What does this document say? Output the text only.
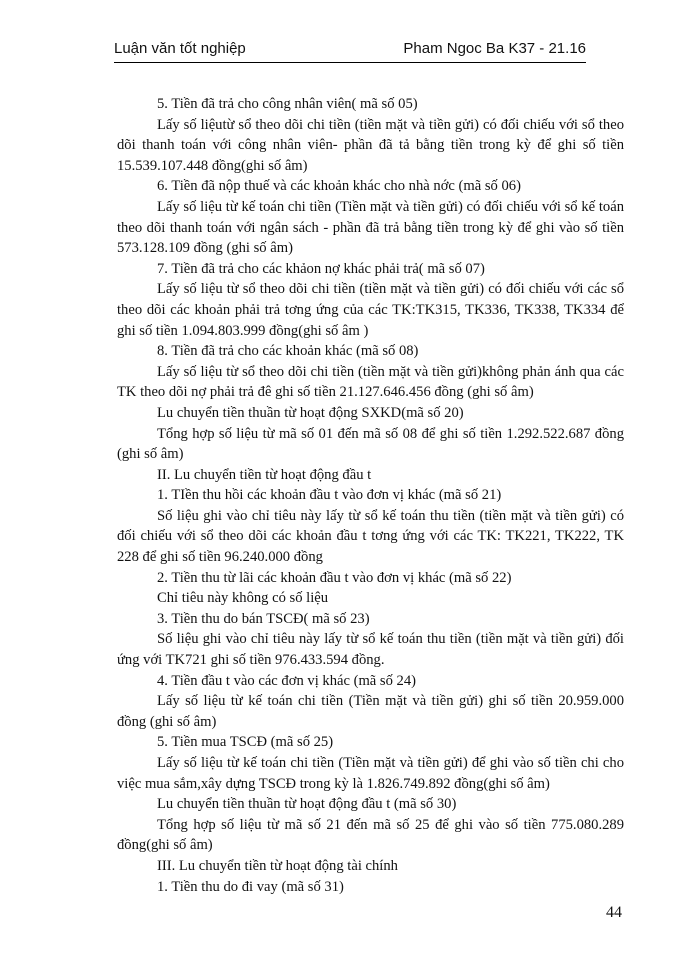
Luận văn tốt nghiệp	Pham Ngoc Ba K37 - 21.16

5. Tiền đã trả cho công nhân viên( mã số 05)

Lấy số liệutừ sổ theo dõi chi tiền (tiền mặt và tiền gửi) có đối chiếu với sổ theo dõi thanh toán với công nhân viên- phần đã tả bằng tiền trong kỳ để ghi số tiền 15.539.107.448 đồng(ghi số âm)

6. Tiền đã nộp thuế và các khoản khác cho nhà nớc (mã số 06)

Lấy số liệu từ kế toán chi tiền (Tiền mặt và tiền gửi) có đối chiếu với sổ kế toán theo dõi thanh toán với ngân sách - phần đã trả bằng tiền trong kỳ để ghi vào số tiền 573.128.109 đồng (ghi số âm)

7. Tiền đã trả cho các khảon nợ khác phải trả( mã số 07)

Lấy số liệu từ sổ theo dõi chi tiền (tiền mặt và tiền gửi) có đối chiếu với các sổ theo dõi các khoản phải trả tơng ứng của các TK:TK315, TK336, TK338, TK334 để ghi số tiền 1.094.803.999 đồng(ghi số âm )

8. Tiền đã trả cho các khoản khác (mã số 08)

Lấy số liệu từ sổ theo dõi chi tiền (tiền mặt và tiền gửi)không phản ánh qua các TK theo dõi nợ phải trả đê ghi số tiền 21.127.646.456 đồng (ghi số âm)

Lu chuyển tiền thuần từ hoạt động SXKD(mã số 20)

Tổng hợp số liệu từ mã số 01 đến mã số 08 để ghi số tiền 1.292.522.687 đồng (ghi số âm)

II. Lu chuyển tiền từ hoạt động đầu t

1. TIền thu hồi các khoản đầu t vào đơn vị khác (mã số 21)

Số liệu ghi vào chỉ tiêu này lấy từ sổ kế toán thu tiền (tiền mặt và tiền gửi) có đối chiếu với sổ theo dõi các khoản đầu t tơng ứng với các TK: TK221, TK222, TK 228 để ghi số tiền 96.240.000 đồng

2. Tiền thu từ lãi các khoản đầu t vào đơn vị khác (mã số 22)

Chỉ tiêu này không có số liệu

3. Tiền thu do bán TSCĐ( mã số 23)

Số liệu ghi vào chỉ tiêu này lấy từ sổ kế toán thu tiền (tiền mặt và tiền gửi) đối ứng với TK721 ghi số tiền 976.433.594 đồng.

4. Tiền đầu t vào các đơn vị khác (mã số 24)

Lấy số liệu từ kế toán chi tiền (Tiền mặt và tiền gửi) ghi số tiền 20.959.000 đồng (ghi số âm)

5. Tiền mua TSCĐ (mã số 25)

Lấy số liệu từ kế toán chi tiền (Tiền mặt và tiền gửi) để ghi vào số tiền chi cho việc mua sắm,xây dựng TSCĐ trong kỳ là 1.826.749.892 đồng(ghi số âm)

Lu chuyển tiền thuần từ hoạt động đầu t (mã số 30)

Tổng hợp số liệu từ mã số 21 đến mã số 25 để ghi vào số tiền 775.080.289 đồng(ghi số âm)

III. Lu chuyển tiền từ hoạt động tài chính

1. Tiền thu do đi vay (mã số 31)

44
